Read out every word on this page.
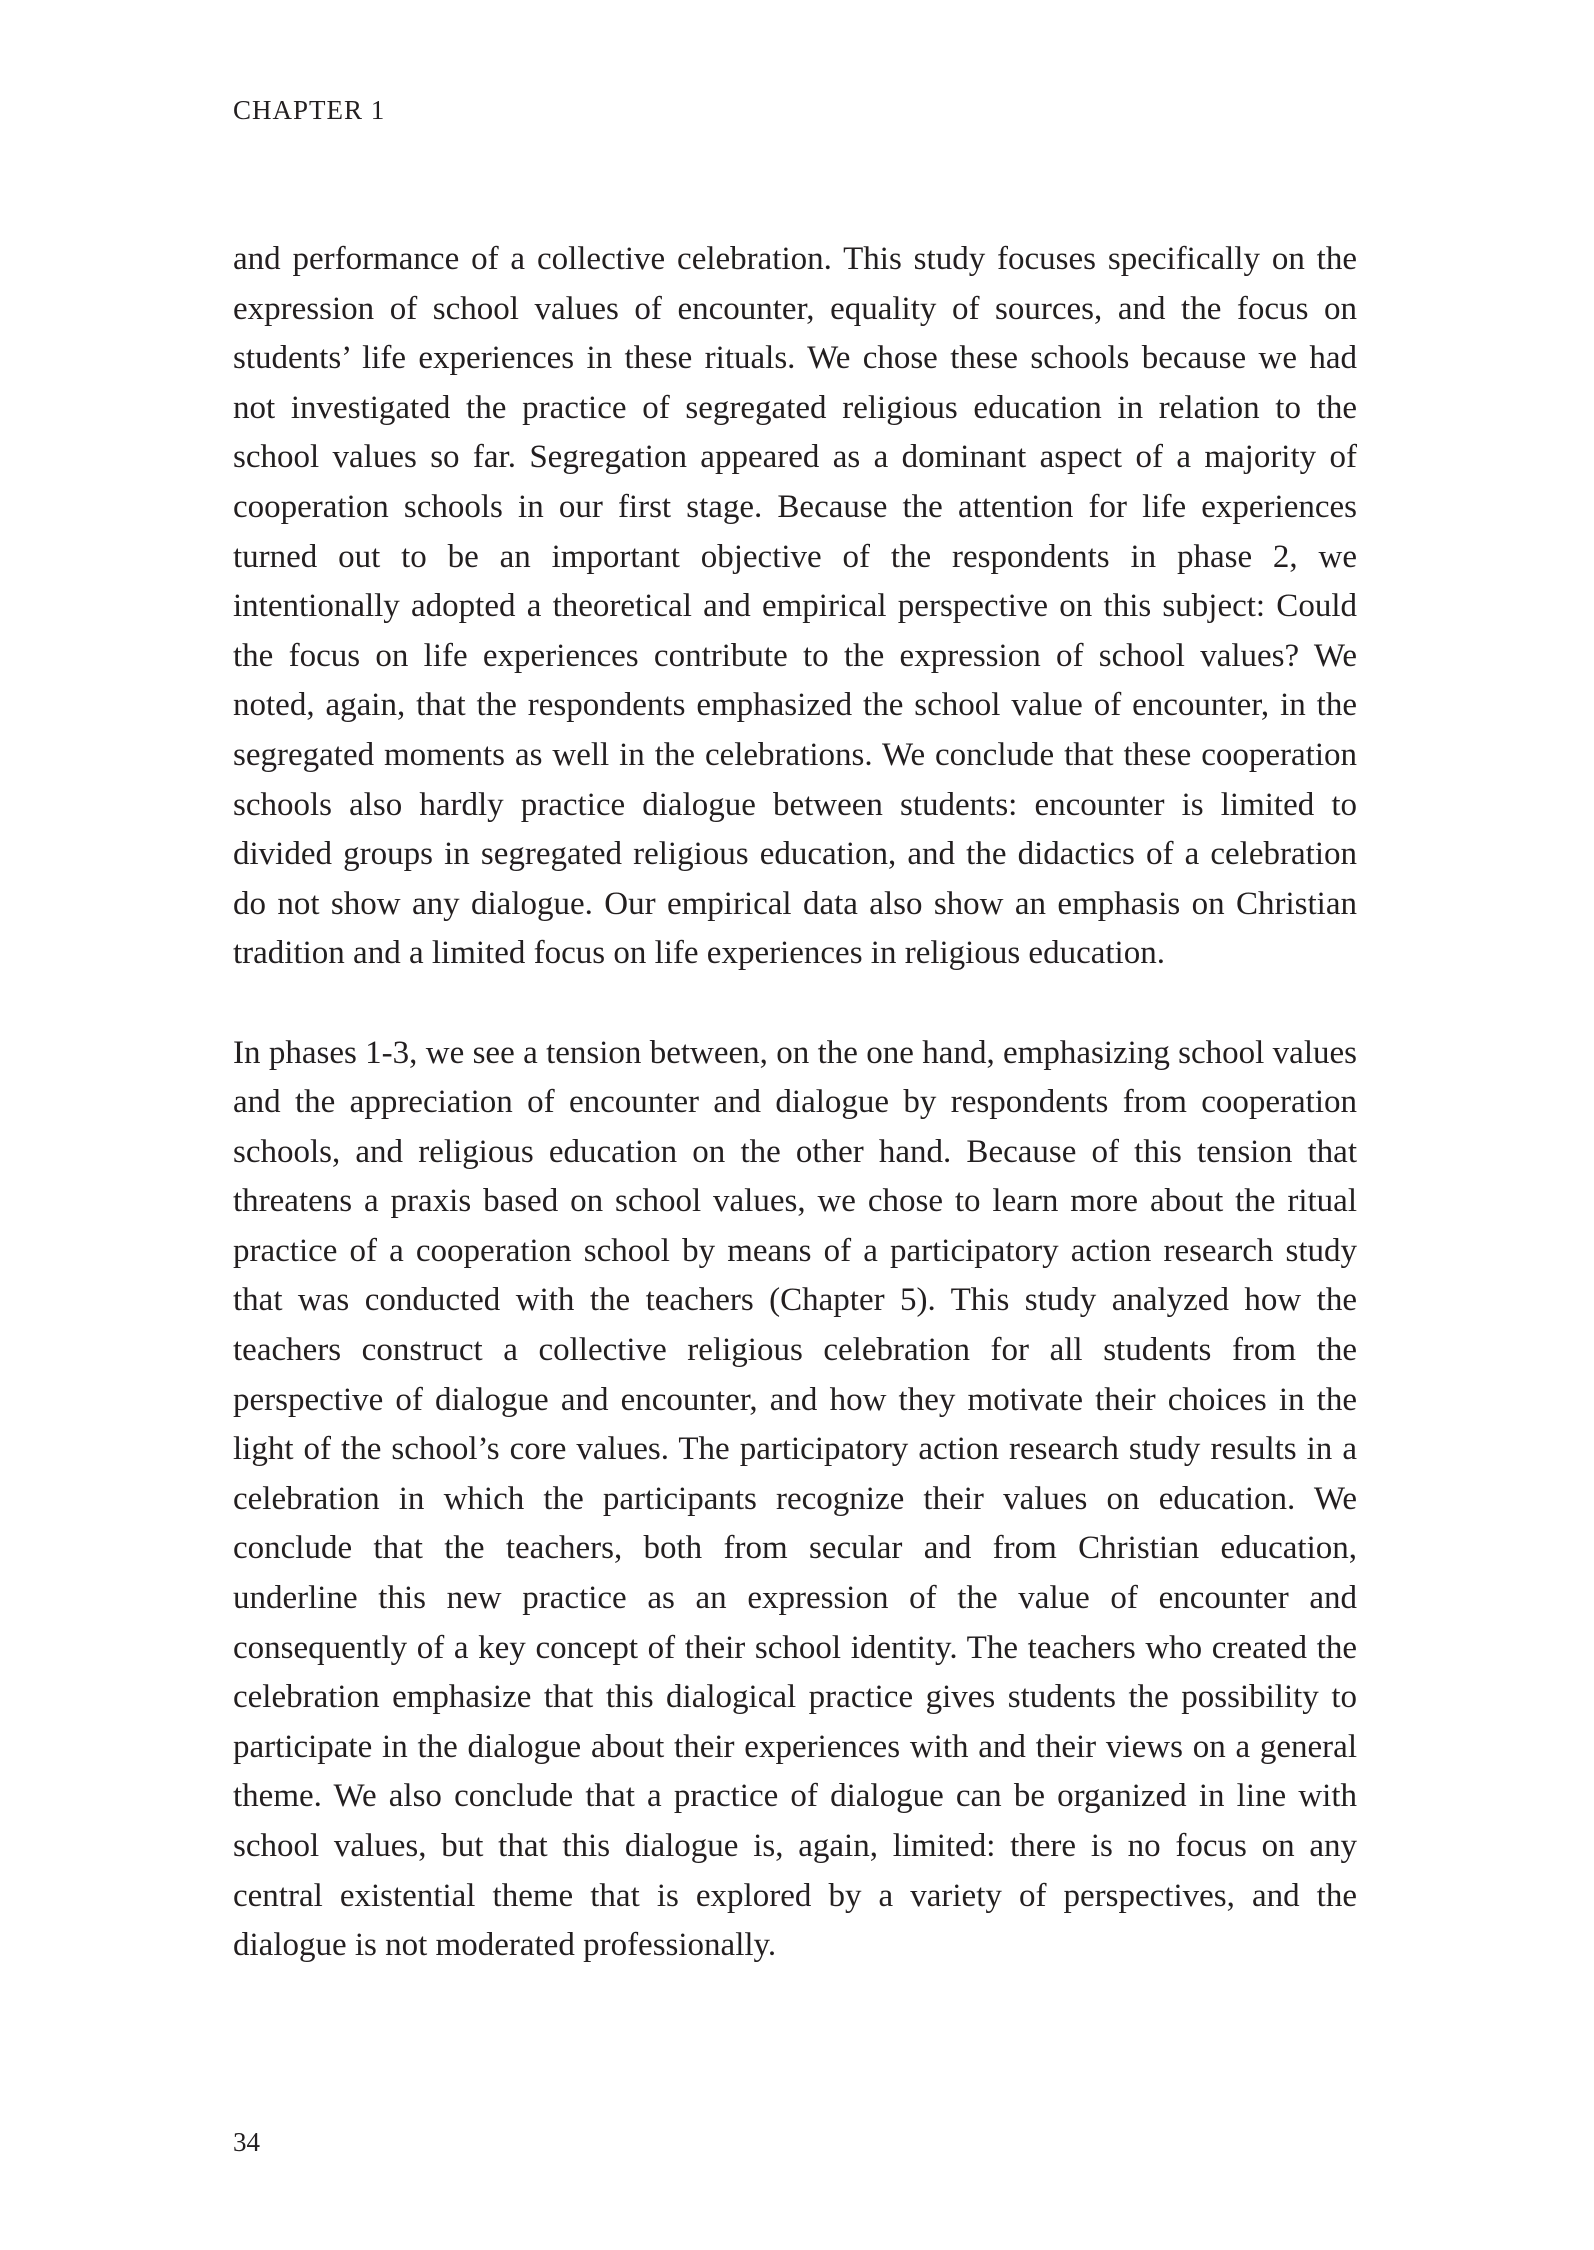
CHAPTER 1

and performance of a collective celebration. This study focuses specifically on the expression of school values of encounter, equality of sources, and the focus on students’ life experiences in these rituals. We chose these schools because we had not investigated the practice of segregated religious education in relation to the school values so far. Segregation appeared as a dominant aspect of a majority of cooperation schools in our first stage. Because the attention for life experiences turned out to be an important objective of the respondents in phase 2, we intentionally adopted a theoretical and empirical perspective on this subject: Could the focus on life experiences contribute to the expression of school values? We noted, again, that the respondents emphasized the school value of encounter, in the segregated moments as well in the celebrations. We conclude that these cooperation schools also hardly practice dialogue between students: encounter is limited to divided groups in segregated religious education, and the didactics of a celebration do not show any dialogue. Our empirical data also show an emphasis on Christian tradition and a limited focus on life experiences in religious education.

In phases 1-3, we see a tension between, on the one hand, emphasizing school values and the appreciation of encounter and dialogue by respondents from cooperation schools, and religious education on the other hand. Because of this tension that threatens a praxis based on school values, we chose to learn more about the ritual practice of a cooperation school by means of a participatory action research study that was conducted with the teachers (Chapter 5). This study analyzed how the teachers construct a collective religious celebration for all students from the perspective of dialogue and encounter, and how they motivate their choices in the light of the school’s core values. The participatory action research study results in a celebration in which the participants recognize their values on education. We conclude that the teachers, both from secular and from Christian education, underline this new practice as an expression of the value of encounter and consequently of a key concept of their school identity. The teachers who created the celebration emphasize that this dialogical practice gives students the possibility to participate in the dialogue about their experiences with and their views on a general theme. We also conclude that a practice of dialogue can be organized in line with school values, but that this dialogue is, again, limited: there is no focus on any central existential theme that is explored by a variety of perspectives, and the dialogue is not moderated professionally.

34
